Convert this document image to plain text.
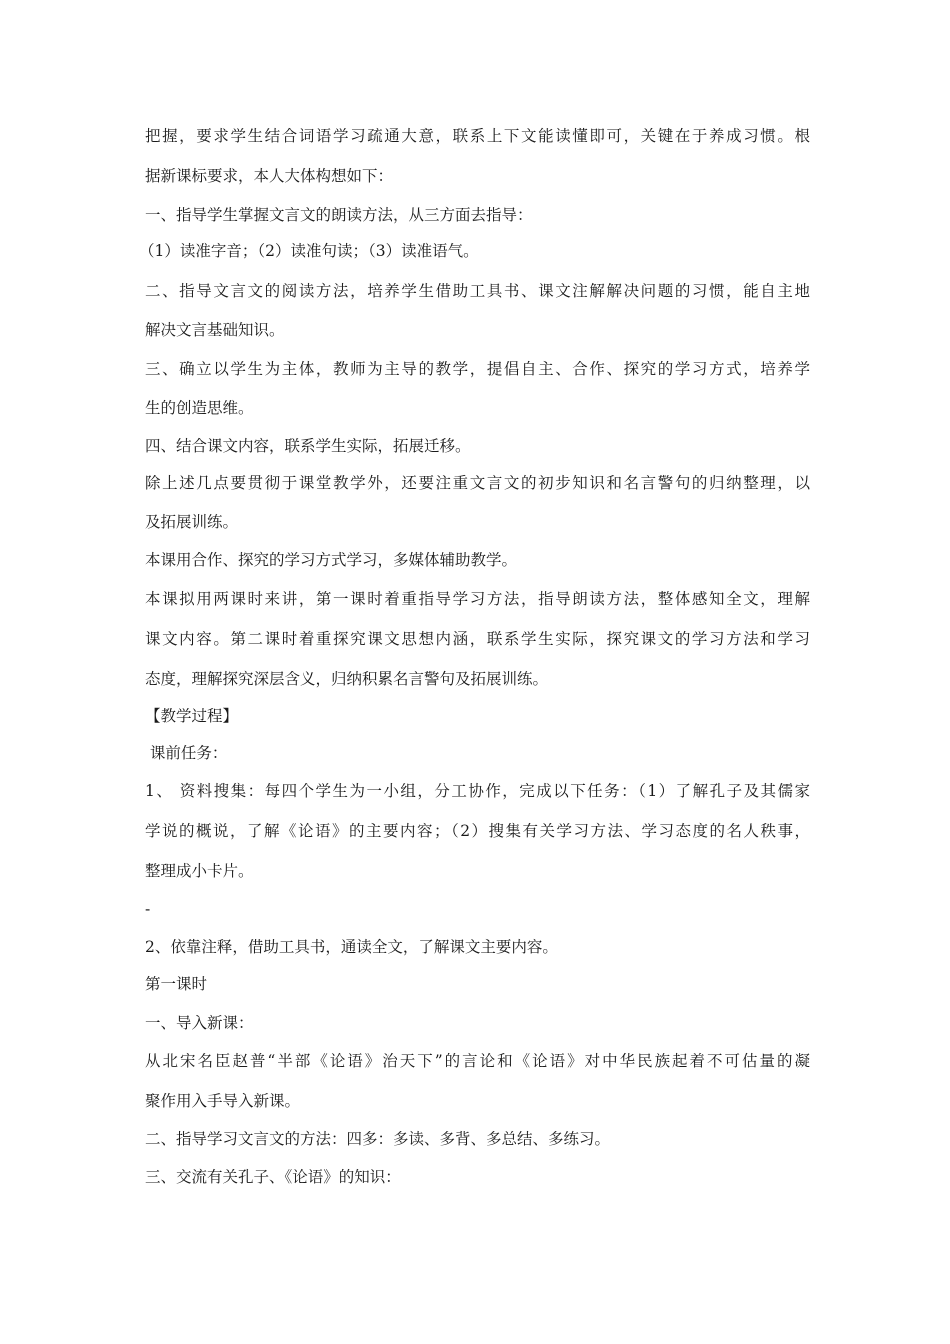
把握，要求学生结合词语学习疏通大意，联系上下文能读懂即可，关键在于养成习惯。根
据新课标要求，本人大体构想如下：
一、指导学生掌握文言文的朗读方法，从三方面去指导：
（1）读准字音；（2）读准句读；（3）读准语气。
二、指导文言文的阅读方法，培养学生借助工具书、课文注解解决问题的习惯，能自主地
解决文言基础知识。
三、确立以学生为主体，教师为主导的教学，提倡自主、合作、探究的学习方式，培养学
生的创造思维。
四、结合课文内容，联系学生实际，拓展迁移。
除上述几点要贯彻于课堂教学外，还要注重文言文的初步知识和名言警句的归纳整理，以
及拓展训练。
本课用合作、探究的学习方式学习，多媒体辅助教学。
本课拟用两课时来讲，第一课时着重指导学习方法，指导朗读方法，整体感知全文，理解
课文内容。第二课时着重探究课文思想内涵，联系学生实际，探究课文的学习方法和学习
态度，理解探究深层含义，归纳积累名言警句及拓展训练。
【教学过程】
课前任务：
1、 资料搜集：每四个学生为一小组，分工协作，完成以下任务：（1）了解孔子及其儒家
学说的概说，了解《论语》的主要内容；（2）搜集有关学习方法、学习态度的名人秩事，
整理成小卡片。
-
2、依靠注释，借助工具书，通读全文，了解课文主要内容。
第一课时
一、导入新课：
从北宋名臣赵普“半部《论语》治天下”的言论和《论语》对中华民族起着不可估量的凝
聚作用入手导入新课。
二、指导学习文言文的方法：四多：多读、多背、多总结、多练习。
三、交流有关孔子、《论语》的知识：
